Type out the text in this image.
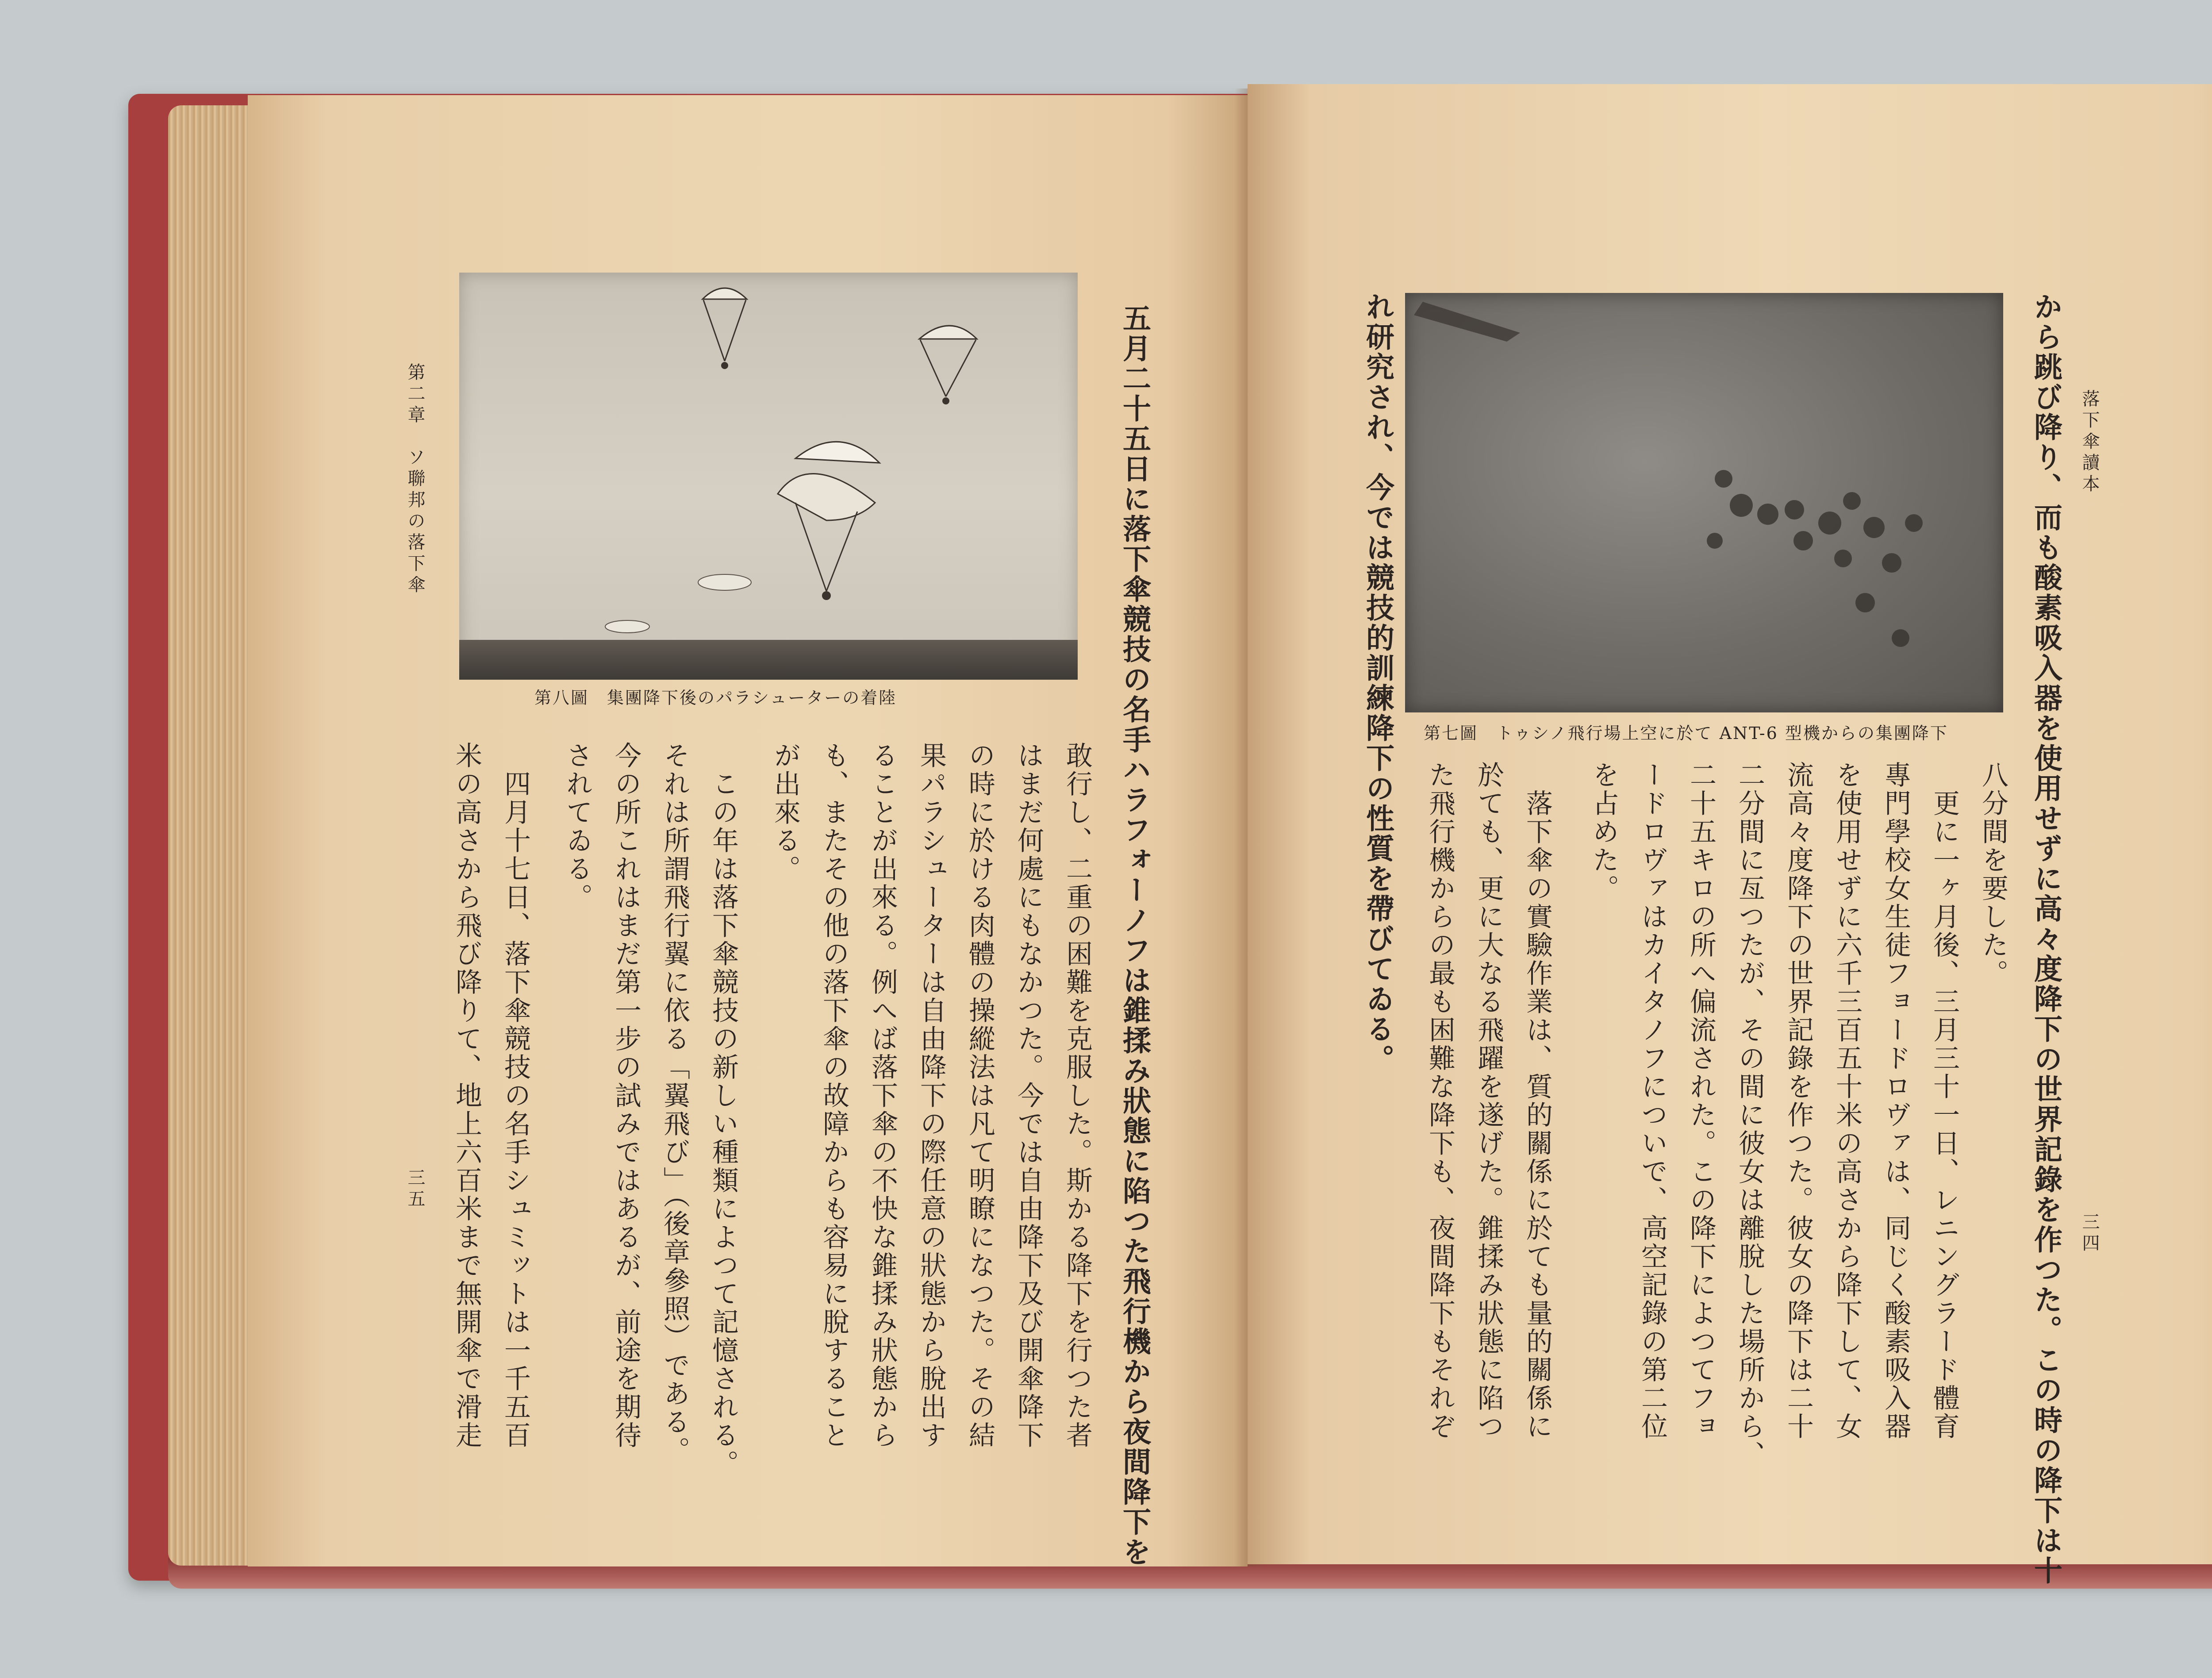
第二章　ソ聯邦の落下傘
第八圖　集團降下後のパラシューターの着陸	五月二十五日に落下傘競技の名手ハラフォーノフは錐揉み狀態に陷つた飛行機から夜間降下を
敢行し、二重の困難を克服した。斯かる降下を行つた者
はまだ何處にもなかつた。今では自由降下及び開傘降下
の時に於ける肉體の操縱法は凡て明瞭になつた。その結
果パラシューターは自由降下の際任意の狀態から脫出す
ることが出來る。例へば落下傘の不快な錐揉み狀態から
も、またその他の落下傘の故障からも容易に脫すること
が出來る。
　この年は落下傘競技の新しい種類によつて記憶される。
それは所謂飛行翼に依る「翼飛び」（後章參照）である。
今の所これはまだ第一步の試みではあるが、前途を期待
されてゐる。
　四月十七日、落下傘競技の名手シュミットは一千五百
米の高さから飛び降りて、地上六百米まで無開傘で滑走
三五
落下傘讀本
から跳び降り、而も酸素吸入器を使用せずに高々度降下の世界記錄を作つた。この時の降下は十
第七圖　トゥシノ飛行場上空に於て ANT-6 型機からの集團降下
れ研究され、今では競技的訓練降下の性質を帶びてゐる。	八分間を要した。
　更に一ヶ月後、三月三十一日、レニングラード體育
專門學校女生徒フョードロヴァは、同じく酸素吸入器
を使用せずに六千三百五十米の高さから降下して、女
流高々度降下の世界記錄を作つた。彼女の降下は二十
二分間に亙つたが、その間に彼女は離脫した場所から、
二十五キロの所へ偏流された。この降下によつてフョ
ードロヴァはカイタノフについで、高空記錄の第二位
を占めた。
　落下傘の實驗作業は、質的關係に於ても量的關係に
於ても、更に大なる飛躍を遂げた。錐揉み狀態に陷つ
た飛行機からの最も困難な降下も、夜間降下もそれぞ	三四
